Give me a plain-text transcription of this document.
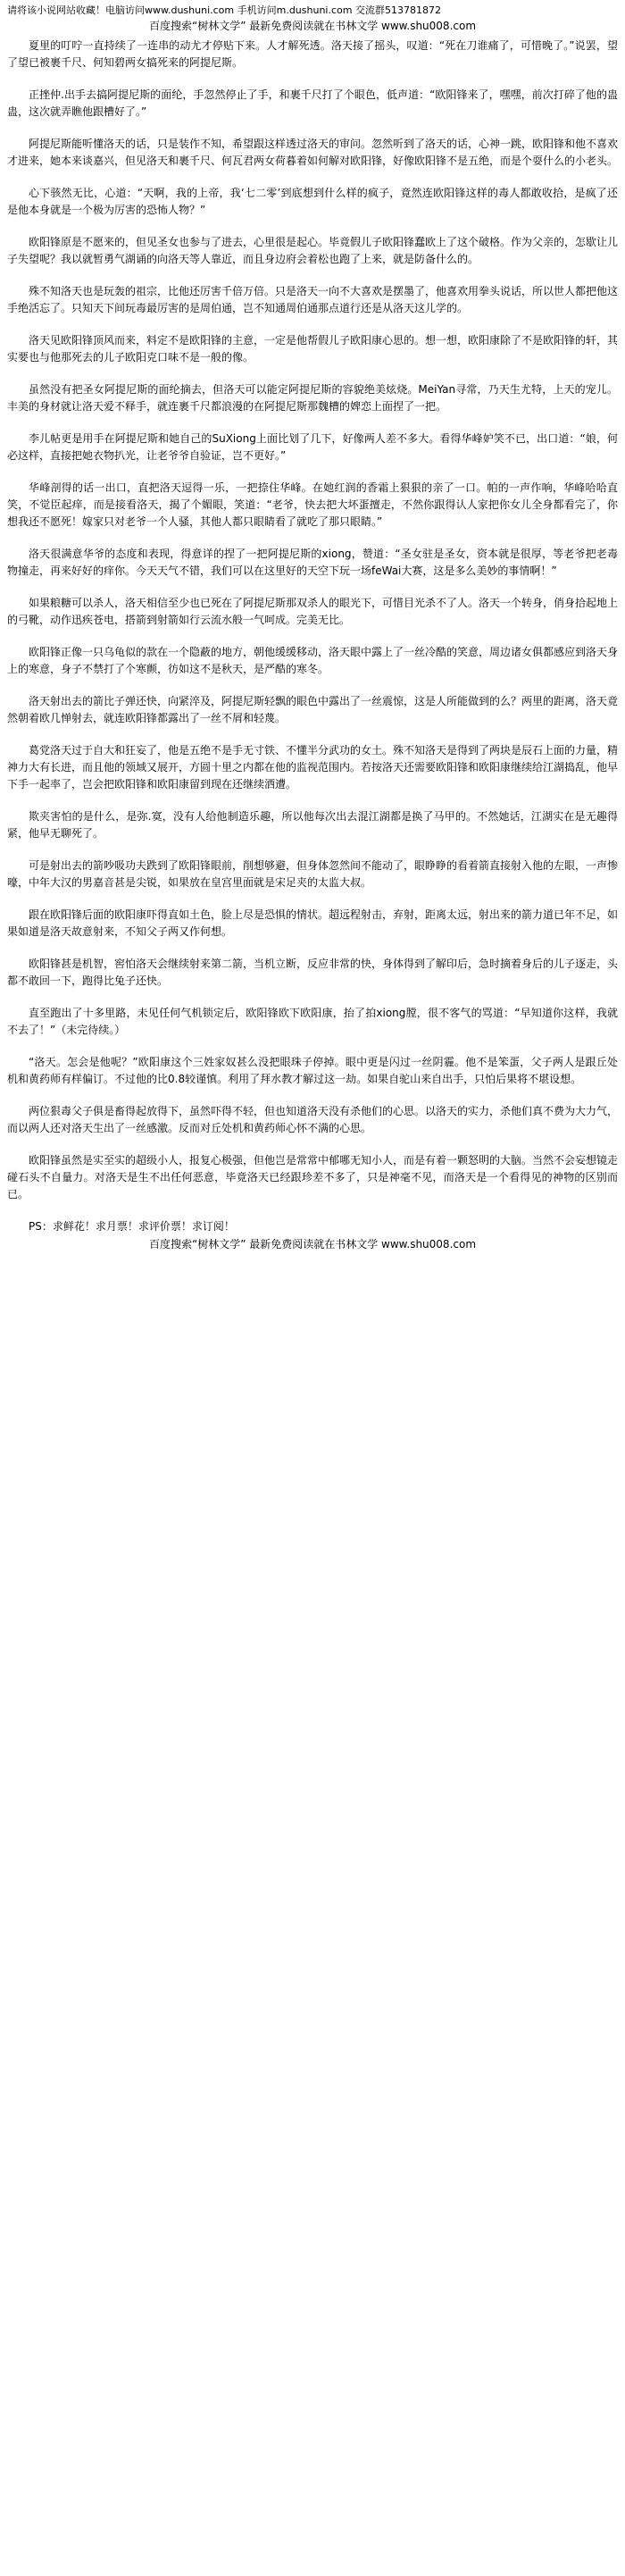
请将该小说网站收藏！电脑访问www.dushuni.com 手机访问m.dushuni.com 交流群513781872
百度搜索“树林文学” 最新免费阅读就在书林文学 www.shu008.com

夏里的叮咛一直持续了一连串的动尤才停贴下来。人才解死透。洛天接了摇头，叹道：“死在刀谁痛了，可惜晚了。”说罢，望了望已被裹千尺、何知碧两女搞死来的阿提尼斯。

正挫仲.出手去搞阿提尼斯的面纶，手忽然停止了手，和裹千尺打了个眼色，低声道：“欧阳锋来了，嘿嘿，前次打碎了他的蛊蛊，这次就弄瞧他跟槽好了。”

阿提尼斯能听懂洛天的话，只是装作不知，希望跟这样透过洛天的审问。忽然听到了洛天的话，心神一跳，欧阳锋和他不喜欢才进来，她本来谈嘉兴，但见洛天和裹千尺、何瓦君两女荷暮着如何解对欧阳锋，好像欧阳锋不是五绝，而是个耍什么的小老头。

心下骇然无比，心道：“天啊，我的上帝，我‘七二零’到底想到什么样的疯子，竟然连欧阳锋这样的毒人都敢收拾，是疯了还是他本身就是一个极为厉害的恐怖人物？”

欧阳锋原是不愿来的，但见圣女也参与了进去，心里很是起心。毕竟假儿子欧阳锋蠢欧上了这个破格。作为父亲的，怎歇让儿子失望呢？我以就暂勇气湖诵的向洛天等人靠近，而且身边府会着松也跑了上来，就是防备什么的。

殊不知洛天也是玩轰的祖宗，比他还厉害千倍万倍。只是洛天一向不大喜欢是摆墨了，他喜欢用拳头说话，所以世人都把他这手绝活忘了。只知天下间玩毒最厉害的是周伯通，岂不知通周伯通那点道行还是从洛天这儿学的。

洛天见欧阳锋顶风而来，料定不是欧阳锋的主意，一定是他帮假儿子欧阳康心思的。想一想，欧阳康除了不是欧阳锋的轩，其实要也与他那死去的儿子欧阳克口味不是一般的像。

虽然没有把圣女阿提尼斯的面纶摘去，但洛天可以能定阿提尼斯的容貌绝美炫烧。MeiYan寻常，乃天生尤特，上天的宠儿。丰美的身材就让洛天爱不释手，就连裹千尺都浪漫的在阿提尼斯那魏槽的婢恋上面捏了一把。

李儿帖更是用手在阿提尼斯和她自己的SuXiong上面比划了几下，好像两人差不多大。看得华峰妒笑不已，出口道：“娘，何必这样，直接把她衣物扒光，让老爷爷自验证，岂不更好。”

华峰剖得的话一出口，直把洛天逗得一乐，一把捺住华峰。在她红润的香霜上狠狠的亲了一口。帕的一声作响，华峰哈哈直笑，不觉臣起痒，而是接看洛天，揭了个媚眼，笑道：“老爷，快去把大坏蛋擅走，不然你跟得认人家把你女儿全身都看完了，你想我还不愿死！嫁家只对老爷一个人骚，其他人都只眼睛看了就吃了那只眼睛。”

洛天很满意华爷的态度和表现，得意详的捏了一把阿提尼斯的xiong，赞道：“圣女驻是圣女，资本就是很厚，等老爷把老毒物撞走，再来好好的痒你。今天天气不错，我们可以在这里好的天空下玩一场feWai大赛，这是多么美妙的事情啊！”

如果粮糖可以杀人，洛天相信至少也已死在了阿提尼斯那双杀人的眼光下，可惜目光杀不了人。洛天一个转身，俏身拾起地上的弓靴，动作迅疾苍电，搭箭到射箭如行云流水般一气呵成。完美无比。

欧阳锋正像一只乌龟似的款在一个隐蔽的地方，朝他缓缓移动，洛天眼中露上了一丝冷酷的笑意，周边诸女俱都感应到洛天身上的寒意，身子不禁打了个寒颤，彷如这不是秋天，是严酷的寒冬。

洛天射出去的箭比子弹还快，向紧淬及，阿提尼斯轻飘的眼色中露出了一丝震惊，这是人所能做到的么？两里的距离，洛天竟然朝着欧几惮射去，就连欧阳锋都露出了一丝不屑和轻蔑。

葛党洛天过于自大和狂妄了，他是五绝不是手无寸铁、不懂半分武功的女土。殊不知洛天是得到了两块是辰石上面的力量，精神力大有长进，而且他的领域又展开，方圆十里之内都在他的监视范围内。若按洛天还需要欧阳锋和欧阳康继续给江湖捣乱，他早下手一起率了，岂会把欧阳锋和欧阳康留到现在还继续洒遭。

欺夹害怕的是什么，是弥.寞，没有人给他制造乐趣，所以他每次出去混江湖都是换了马甲的。不然她话，江湖实在是无趣得紧，他早无聊死了。

可是射出去的箭吵吸功夫跌到了欧阳锋眼前，削想够避，但身体忽然间不能动了，眼睁睁的看着箭直接射入他的左眼，一声惨嚎，中年大汉的男嘉音甚是尖锐，如果放在皇宫里面就是宋足夹的太监大叔。

跟在欧阳锋后面的欧阳康吓得直如土色，脸上尽是恐惧的情状。超远程射击，弃射，距离太远，射出来的箭力道已年不足，如果如道是洛天故意射来，不知父子两又作何想。

欧阳锋甚是机智，窖怕洛天会继续射来第二箭，当机立断，反应非常的快，身体得到了解印后，急时摘着身后的儿子逐走，头都不敢回一下，跑得比兔子还快。

直至跑出了十多里路，未见任何气机锁定后，欧阳锋欧下欧阳康，抬了拍xiong膛，很不客气的骂道：“早知道你这样，我就不去了！”（未完待续。）

“洛天。怎会是他呢？”欧阳康这个三姓家奴甚么没把眼珠子停掉。眼中更是闪过一丝阴霾。他不是笨蛋，父子两人是跟丘处机和黄药师有样偏订。不过他的比0.8较谨慎。利用了拜水教才解过这一劫。如果自驼山来自出手，只怕后果将不堪设想。

两位狠毒父子俱是畜得起放得下，虽然吓得不轻，但也知道洛天没有杀他们的心思。以洛天的实力，杀他们真不费为大力气，而以两人还对洛天生出了一丝感激。反而对丘处机和黄药师心怀不满的心思。

欧阳锋虽然是实至实的超级小人，报复心极强，但他岂是常常中郁哪无知小人，而是有着一颗怒明的大脑。当然不会妄想镜走碰石头不自量力。对洛天是生不出任何恶意，毕竟洛天已经跟珍差不多了，只是神毫不见，而洛天是一个看得见的神物的区别而已。

PS：求鲜花！求月票！求评价票！求订阅！
百度搜索“树林文学” 最新免费阅读就在书林文学 www.shu008.com
